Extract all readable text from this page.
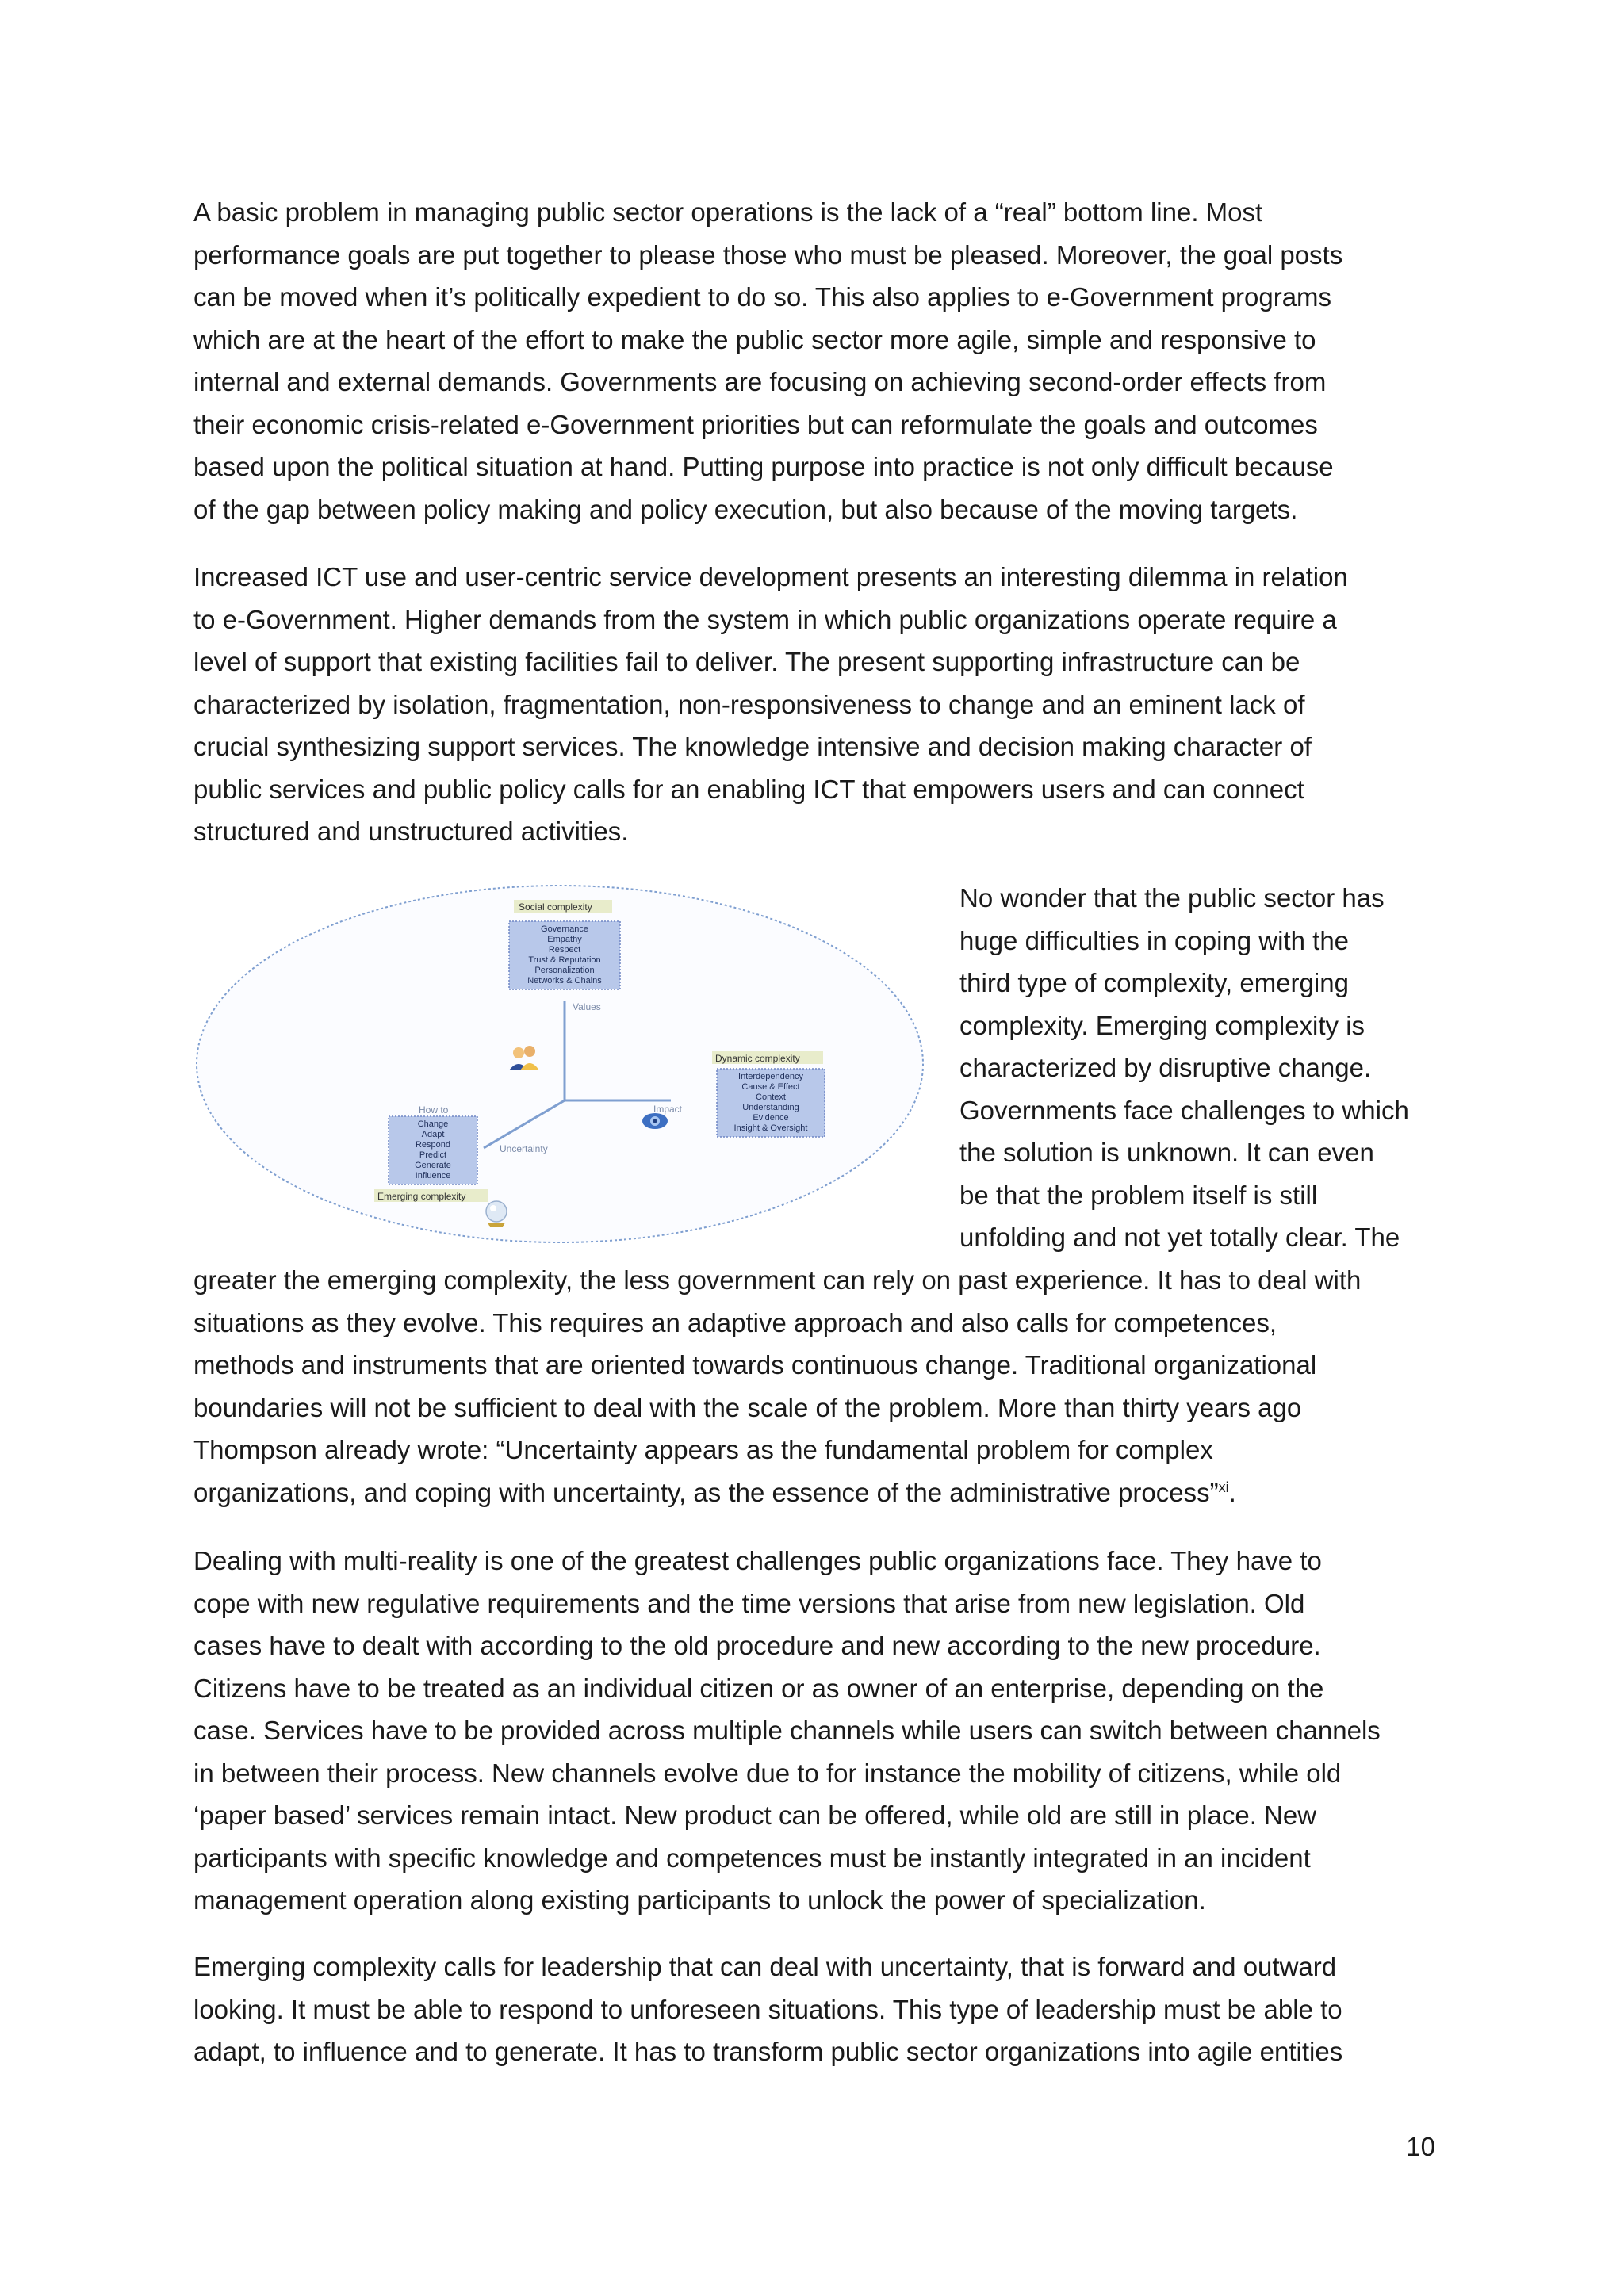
A basic problem in managing public sector operations is the lack of a “real” bottom line. Most
performance goals are put together to please those who must be pleased. Moreover, the goal posts
can be moved when it’s politically expedient to do so. This also applies to e-Government programs
which are at the heart of the effort to make the public sector more agile, simple and responsive to
internal and external demands. Governments are focusing on achieving second-order effects from
their economic crisis-related e-Government priorities but can reformulate the goals and outcomes
based upon the political situation at hand. Putting purpose into practice is not only difficult because
of the gap between policy making and policy execution, but also because of the moving targets.
Increased ICT use and user-centric service development presents an interesting dilemma in relation
to e-Government. Higher demands from the system in which public organizations operate require a
level of support that existing facilities fail to deliver. The present supporting infrastructure can be
characterized by isolation, fragmentation, non-responsiveness to change and an eminent lack of
crucial synthesizing support services. The knowledge intensive and decision making character of
public services and public policy calls for an enabling ICT that empowers users and can connect
structured and unstructured activities.
Values
Impact
Uncertainty
Social complexity
Governance
Empathy
Respect
Trust & Reputation
Personalization
Networks & Chains
Dynamic complexity
Interdependency
Cause & Effect
Context
Understanding
Evidence
Insight & Oversight
How to
Change
Adapt
Respond
Predict
Generate
Influence
Emerging complexity
No wonder that the public sector has
huge difficulties in coping with the
third type of complexity, emerging
complexity. Emerging complexity is
characterized by disruptive change.
Governments face challenges to which
the solution is unknown. It can even
be that the problem itself is still
unfolding and not yet totally clear. The
greater the emerging complexity, the less government can rely on past experience. It has to deal with
situations as they evolve. This requires an adaptive approach and also calls for competences,
methods and instruments that are oriented towards continuous change. Traditional organizational
boundaries will not be sufficient to deal with the scale of the problem. More than thirty years ago
Thompson already wrote: “Uncertainty appears as the fundamental problem for complex
organizations, and coping with uncertainty, as the essence of the administrative process”$^{xi}$.
Dealing with multi-reality is one of the greatest challenges public organizations face. They have to
cope with new regulative requirements and the time versions that arise from new legislation. Old
cases have to dealt with according to the old procedure and new according to the new procedure.
Citizens have to be treated as an individual citizen or as owner of an enterprise, depending on the
case. Services have to be provided across multiple channels while users can switch between channels
in between their process. New channels evolve due to for instance the mobility of citizens, while old
‘paper based’ services remain intact. New product can be offered, while old are still in place. New
participants with specific knowledge and competences must be instantly integrated in an incident
management operation along existing participants to unlock the power of specialization.
Emerging complexity calls for leadership that can deal with uncertainty, that is forward and outward
looking. It must be able to respond to unforeseen situations. This type of leadership must be able to
adapt, to influence and to generate. It has to transform public sector organizations into agile entities
10
